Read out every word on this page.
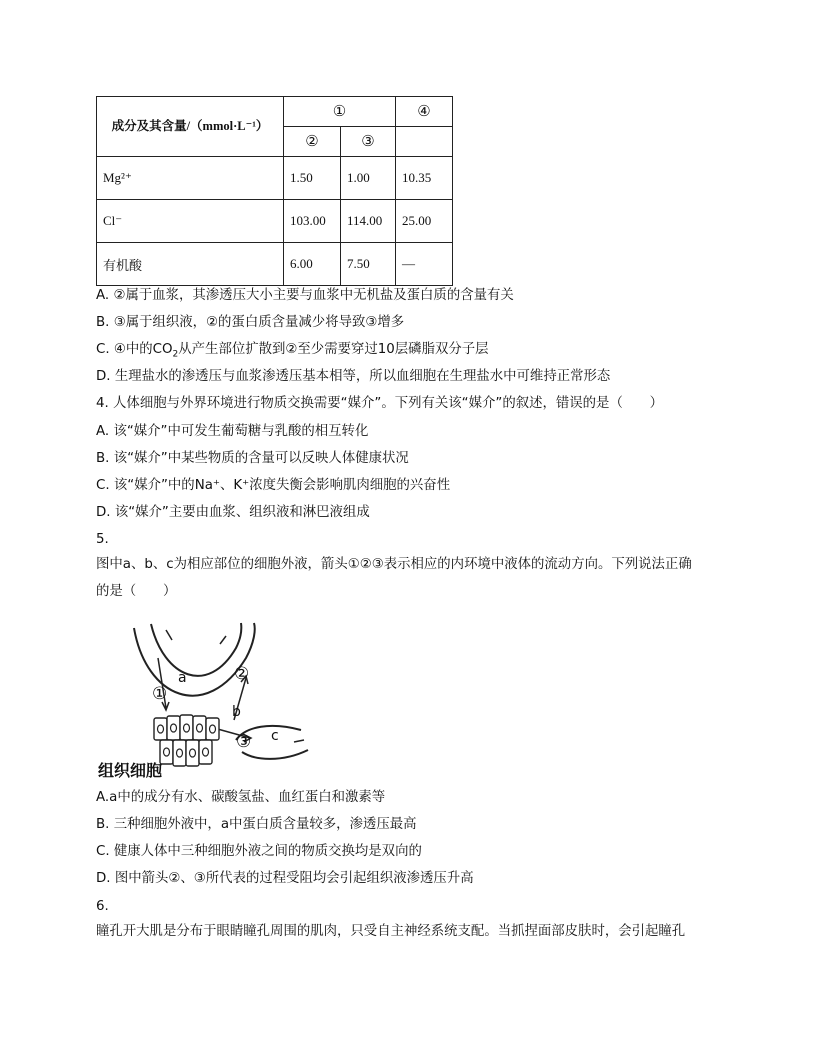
成分及其含量/（mmol·L⁻¹）	①		④
	②	③	
Mg²⁺	1.50	1.00	10.35
Cl⁻	103.00	114.00	25.00
有机酸	6.00	7.50	—
A. ②属于血浆，其渗透压大小主要与血浆中无机盐及蛋白质的含量有关
B. ③属于组织液，②的蛋白质含量减少将导致③增多
C. ④中的$CO_2$从产生部位扩散到②至少需要穿过10层磷脂双分子层
D. 生理盐水的渗透压与血浆渗透压基本相等，所以血细胞在生理盐水中可维持正常形态
4. 人体细胞与外界环境进行物质交换需要“媒介”。下列有关该“媒介”的叙述，错误的是（　　）
A. 该“媒介”中可发生葡萄糖与乳酸的相互转化
B. 该“媒介”中某些物质的含量可以反映人体健康状况
C. 该“媒介”中的Na⁺、K⁺浓度失衡会影响肌肉细胞的兴奋性
D. 该“媒介”主要由血浆、组织液和淋巴液组成
5.
图中a、b、c为相应部位的细胞外液，箭头①②③表示相应的内环境中液体的流动方向。下列说法正确
的是（　　）
a
b
c
①
②
③
组织细胞
A.a中的成分有水、碳酸氢盐、血红蛋白和激素等
B. 三种细胞外液中，a中蛋白质含量较多，渗透压最高
C. 健康人体中三种细胞外液之间的物质交换均是双向的
D. 图中箭头②、③所代表的过程受阻均会引起组织液渗透压升高
6.
瞳孔开大肌是分布于眼睛瞳孔周围的肌肉，只受自主神经系统支配。当抓捏面部皮肤时，会引起瞳孔
